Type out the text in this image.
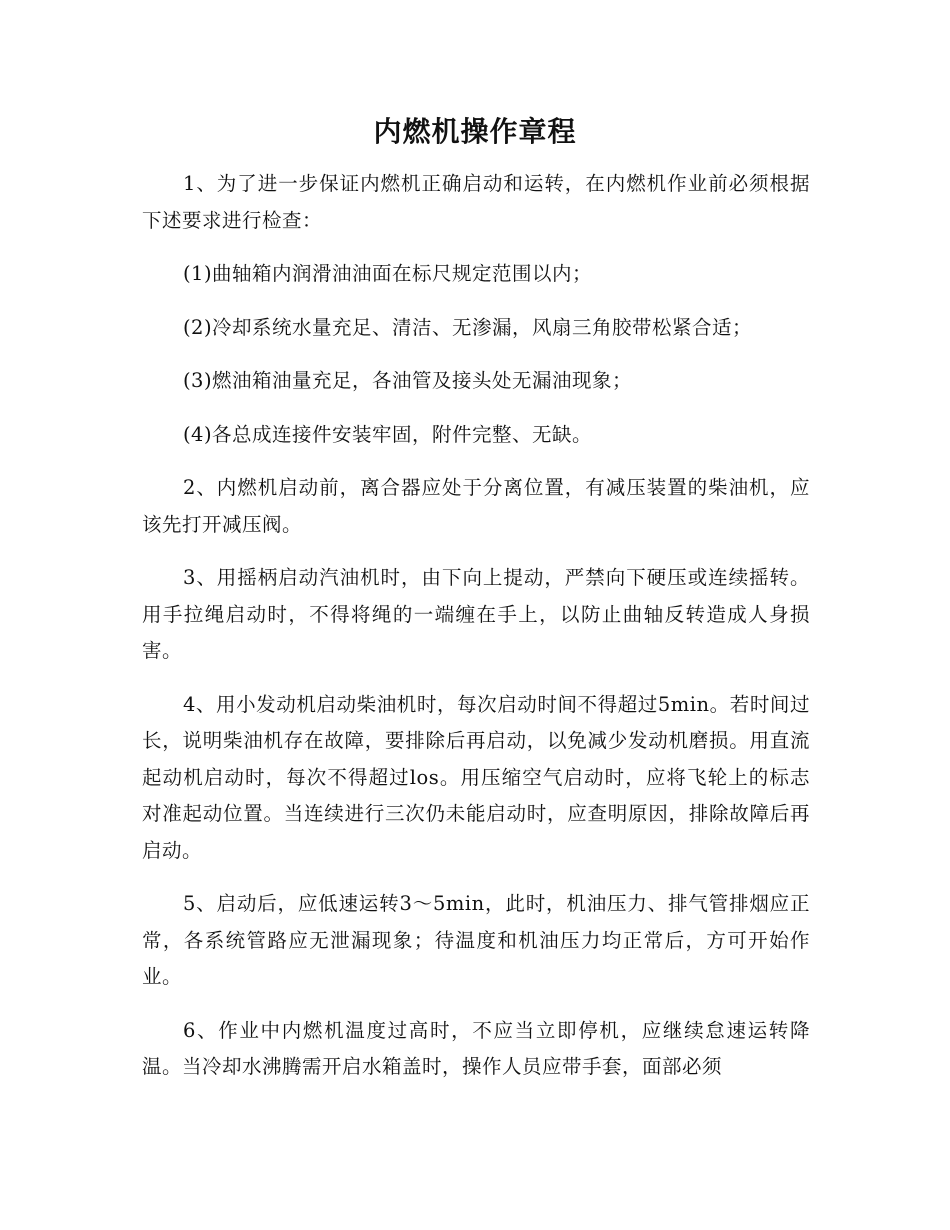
内燃机操作章程

1、为了进一步保证内燃机正确启动和运转，在内燃机作业前必须根据下述要求进行检查：

(1)曲轴箱内润滑油油面在标尺规定范围以内；

(2)冷却系统水量充足、清洁、无渗漏，风扇三角胶带松紧合适；

(3)燃油箱油量充足，各油管及接头处无漏油现象；

(4)各总成连接件安装牢固，附件完整、无缺。

2、内燃机启动前，离合器应处于分离位置，有减压装置的柴油机，应该先打开减压阀。

3、用摇柄启动汽油机时，由下向上提动，严禁向下硬压或连续摇转。用手拉绳启动时，不得将绳的一端缠在手上，以防止曲轴反转造成人身损害。

4、用小发动机启动柴油机时，每次启动时间不得超过5min。若时间过长，说明柴油机存在故障，要排除后再启动，以免减少发动机磨损。用直流起动机启动时，每次不得超过los。用压缩空气启动时，应将飞轮上的标志对准起动位置。当连续进行三次仍未能启动时，应查明原因，排除故障后再启动。

5、启动后，应低速运转3～5min，此时，机油压力、排气管排烟应正常，各系统管路应无泄漏现象；待温度和机油压力均正常后，方可开始作业。

6、作业中内燃机温度过高时，不应当立即停机，应继续怠速运转降温。当冷却水沸腾需开启水箱盖时，操作人员应带手套，面部必须
